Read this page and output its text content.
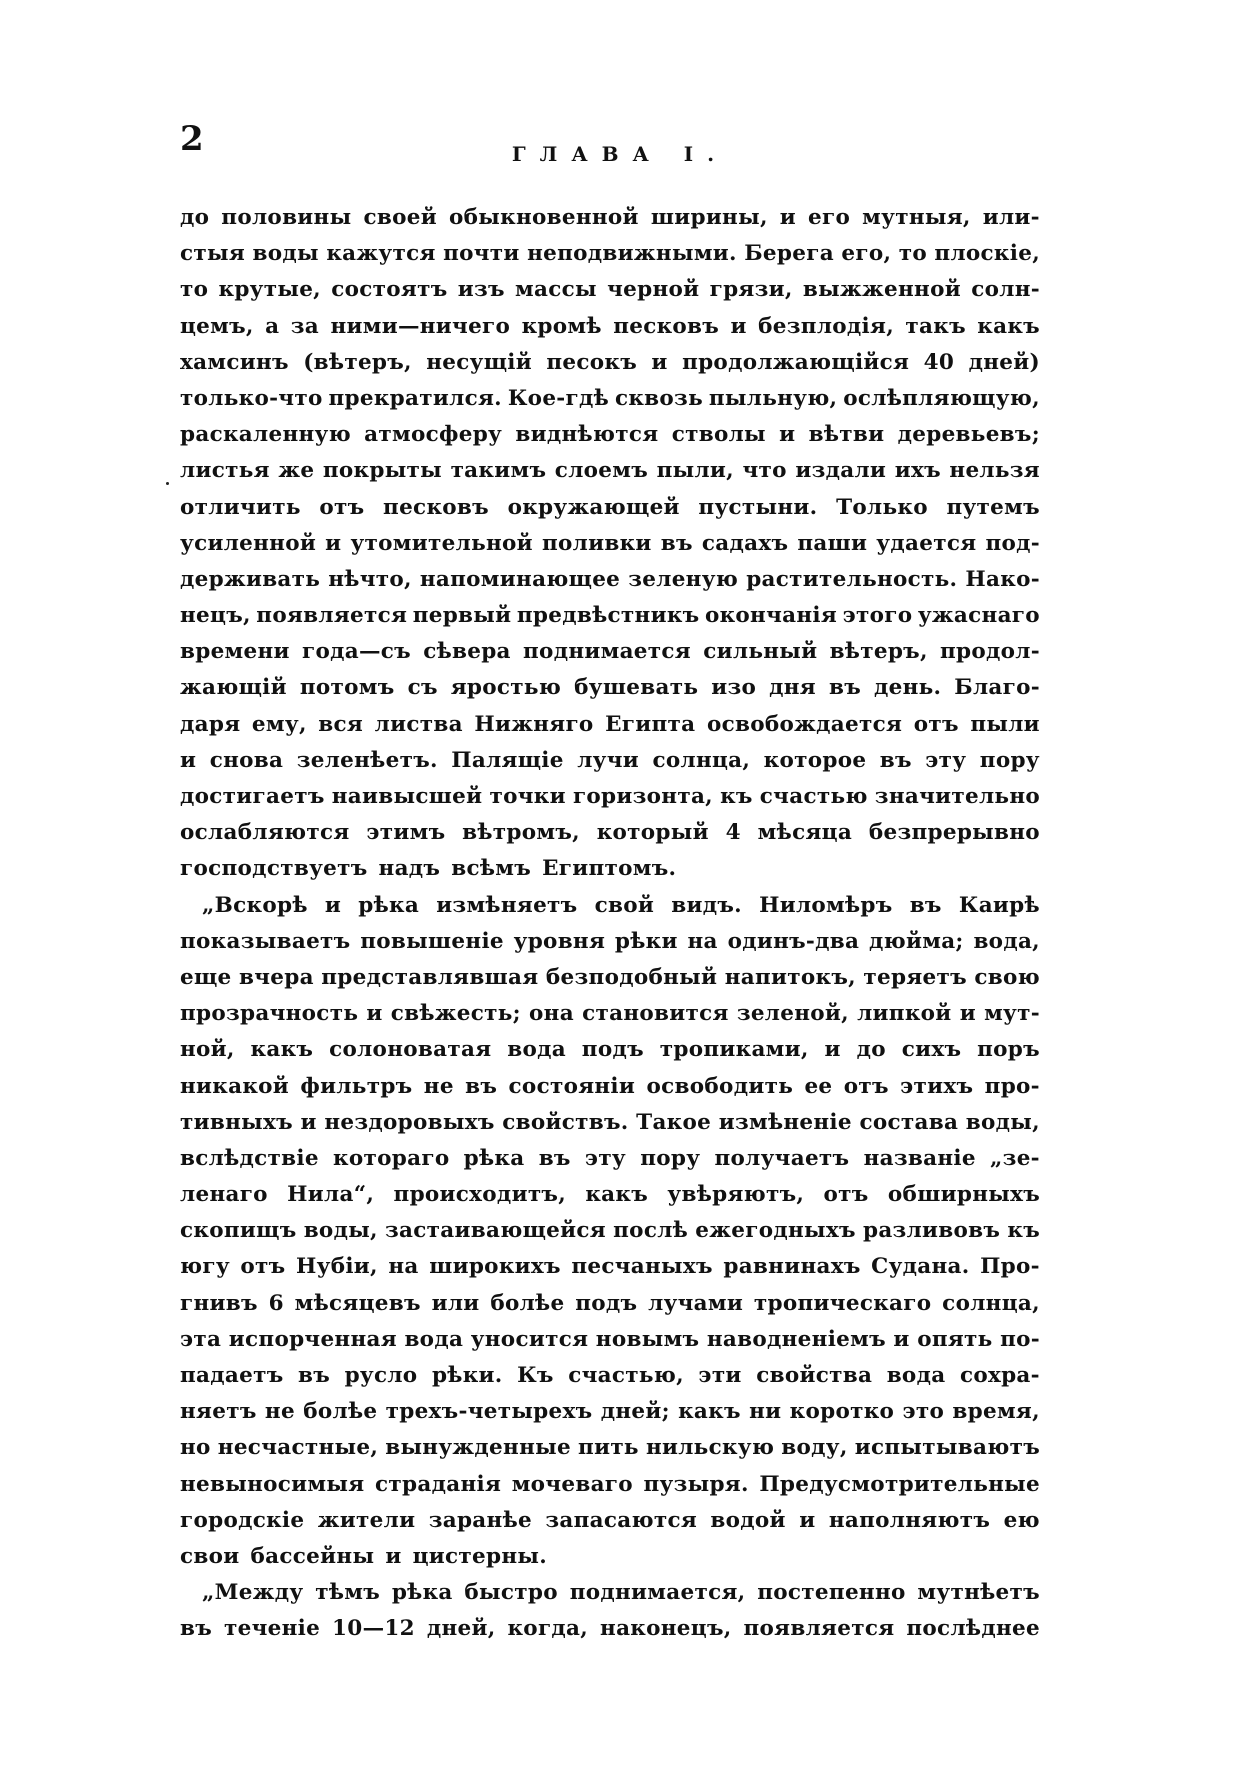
2	ГЛАВА I.
до половины своей обыкновенной ширины, и его мутныя, или-
стыя воды кажутся почти неподвижными. Берега его, то плоскіе,
то крутые, состоятъ изъ массы черной грязи, выжженной солн-
цемъ, а за ними—ничего кромѣ песковъ и безплодія, такъ какъ
хамсинъ (вѣтеръ, несущій песокъ и продолжающійся 40 дней)
только-что прекратился. Кое-гдѣ сквозь пыльную, ослѣпляющую,
раскаленную атмосферу виднѣются стволы и вѣтви деревьевъ;
листья же покрыты такимъ слоемъ пыли, что издали ихъ нельзя
отличить отъ песковъ окружающей пустыни. Только путемъ
усиленной и утомительной поливки въ садахъ паши удается под-
держивать нѣчто, напоминающее зеленую растительность. Нако-
нецъ, появляется первый предвѣстникъ окончанія этого ужаснаго
времени года—съ сѣвера поднимается сильный вѣтеръ, продол-
жающій потомъ съ яростью бушевать изо дня въ день. Благо-
даря ему, вся листва Нижняго Египта освобождается отъ пыли
и снова зеленѣетъ. Палящіе лучи солнца, которое въ эту пору
достигаетъ наивысшей точки горизонта, къ счастью значительно
ослабляются этимъ вѣтромъ, который 4 мѣсяца безпрерывно
господствуетъ надъ всѣмъ Египтомъ.
„Вскорѣ и рѣка измѣняетъ свой видъ. Ниломѣръ въ Каирѣ
показываетъ повышеніе уровня рѣки на одинъ-два дюйма; вода,
еще вчера представлявшая безподобный напитокъ, теряетъ свою
прозрачность и свѣжесть; она становится зеленой, липкой и мут-
ной, какъ солоноватая вода подъ тропиками, и до сихъ поръ
никакой фильтръ не въ состояніи освободить ее отъ этихъ про-
тивныхъ и нездоровыхъ свойствъ. Такое измѣненіе состава воды,
вслѣдствіе котораго рѣка въ эту пору получаетъ названіе „зе-
ленаго Нила“, происходитъ, какъ увѣряютъ, отъ обширныхъ
скопищъ воды, застаивающейся послѣ ежегодныхъ разливовъ къ
югу отъ Нубіи, на широкихъ песчаныхъ равнинахъ Судана. Про-
гнивъ 6 мѣсяцевъ или болѣе подъ лучами тропическаго солнца,
эта испорченная вода уносится новымъ наводненіемъ и опять по-
падаетъ въ русло рѣки. Къ счастью, эти свойства вода сохра-
няетъ не болѣе трехъ-четырехъ дней; какъ ни коротко это время,
но несчастные, вынужденные пить нильскую воду, испытываютъ
невыносимыя страданія мочеваго пузыря. Предусмотрительные
городскіе жители заранѣе запасаются водой и наполняютъ ею
свои бассейны и цистерны.
„Между тѣмъ рѣка быстро поднимается, постепенно мутнѣетъ
въ теченіе 10—12 дней, когда, наконецъ, появляется послѣднее
